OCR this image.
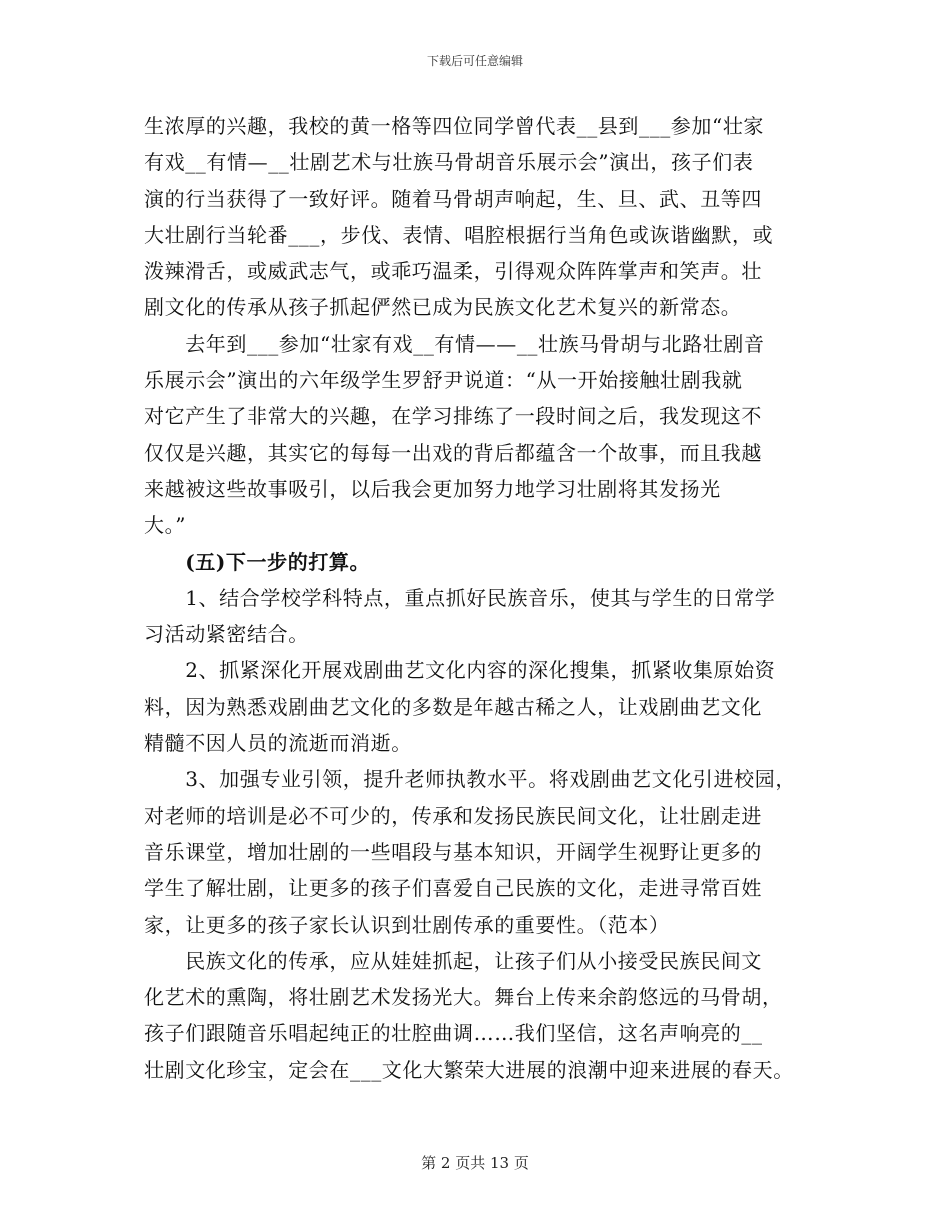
下载后可任意编辑
生浓厚的兴趣，我校的黄一格等四位同学曾代表__县到___参加“壮家
有戏__有情—__壮剧艺术与壮族马骨胡音乐展示会”演出，孩子们表
演的行当获得了一致好评。随着马骨胡声响起，生、旦、武、丑等四
大壮剧行当轮番___，步伐、表情、唱腔根据行当角色或诙谐幽默，或
泼辣滑舌，或威武志气，或乖巧温柔，引得观众阵阵掌声和笑声。壮
剧文化的传承从孩子抓起俨然已成为民族文化艺术复兴的新常态。
　　去年到___参加“壮家有戏__有情——__壮族马骨胡与北路壮剧音
乐展示会”演出的六年级学生罗舒尹说道：“从一开始接触壮剧我就
对它产生了非常大的兴趣，在学习排练了一段时间之后，我发现这不
仅仅是兴趣，其实它的每每一出戏的背后都蕴含一个故事，而且我越
来越被这些故事吸引，以后我会更加努力地学习壮剧将其发扬光
大。”
　　(五)下一步的打算。
　　1、结合学校学科特点，重点抓好民族音乐，使其与学生的日常学
习活动紧密结合。
　　2、抓紧深化开展戏剧曲艺文化内容的深化搜集，抓紧收集原始资
料，因为熟悉戏剧曲艺文化的多数是年越古稀之人，让戏剧曲艺文化
精髓不因人员的流逝而消逝。
　　3、加强专业引领，提升老师执教水平。将戏剧曲艺文化引进校园，
对老师的培训是必不可少的，传承和发扬民族民间文化，让壮剧走进
音乐课堂，增加壮剧的一些唱段与基本知识，开阔学生视野让更多的
学生了解壮剧，让更多的孩子们喜爱自己民族的文化，走进寻常百姓
家，让更多的孩子家长认识到壮剧传承的重要性。（范本）
　　民族文化的传承，应从娃娃抓起，让孩子们从小接受民族民间文
化艺术的熏陶，将壮剧艺术发扬光大。舞台上传来余韵悠远的马骨胡，
孩子们跟随音乐唱起纯正的壮腔曲调……我们坚信，这名声响亮的__
壮剧文化珍宝，定会在___文化大繁荣大进展的浪潮中迎来进展的春天。
第 2 页共 13 页
